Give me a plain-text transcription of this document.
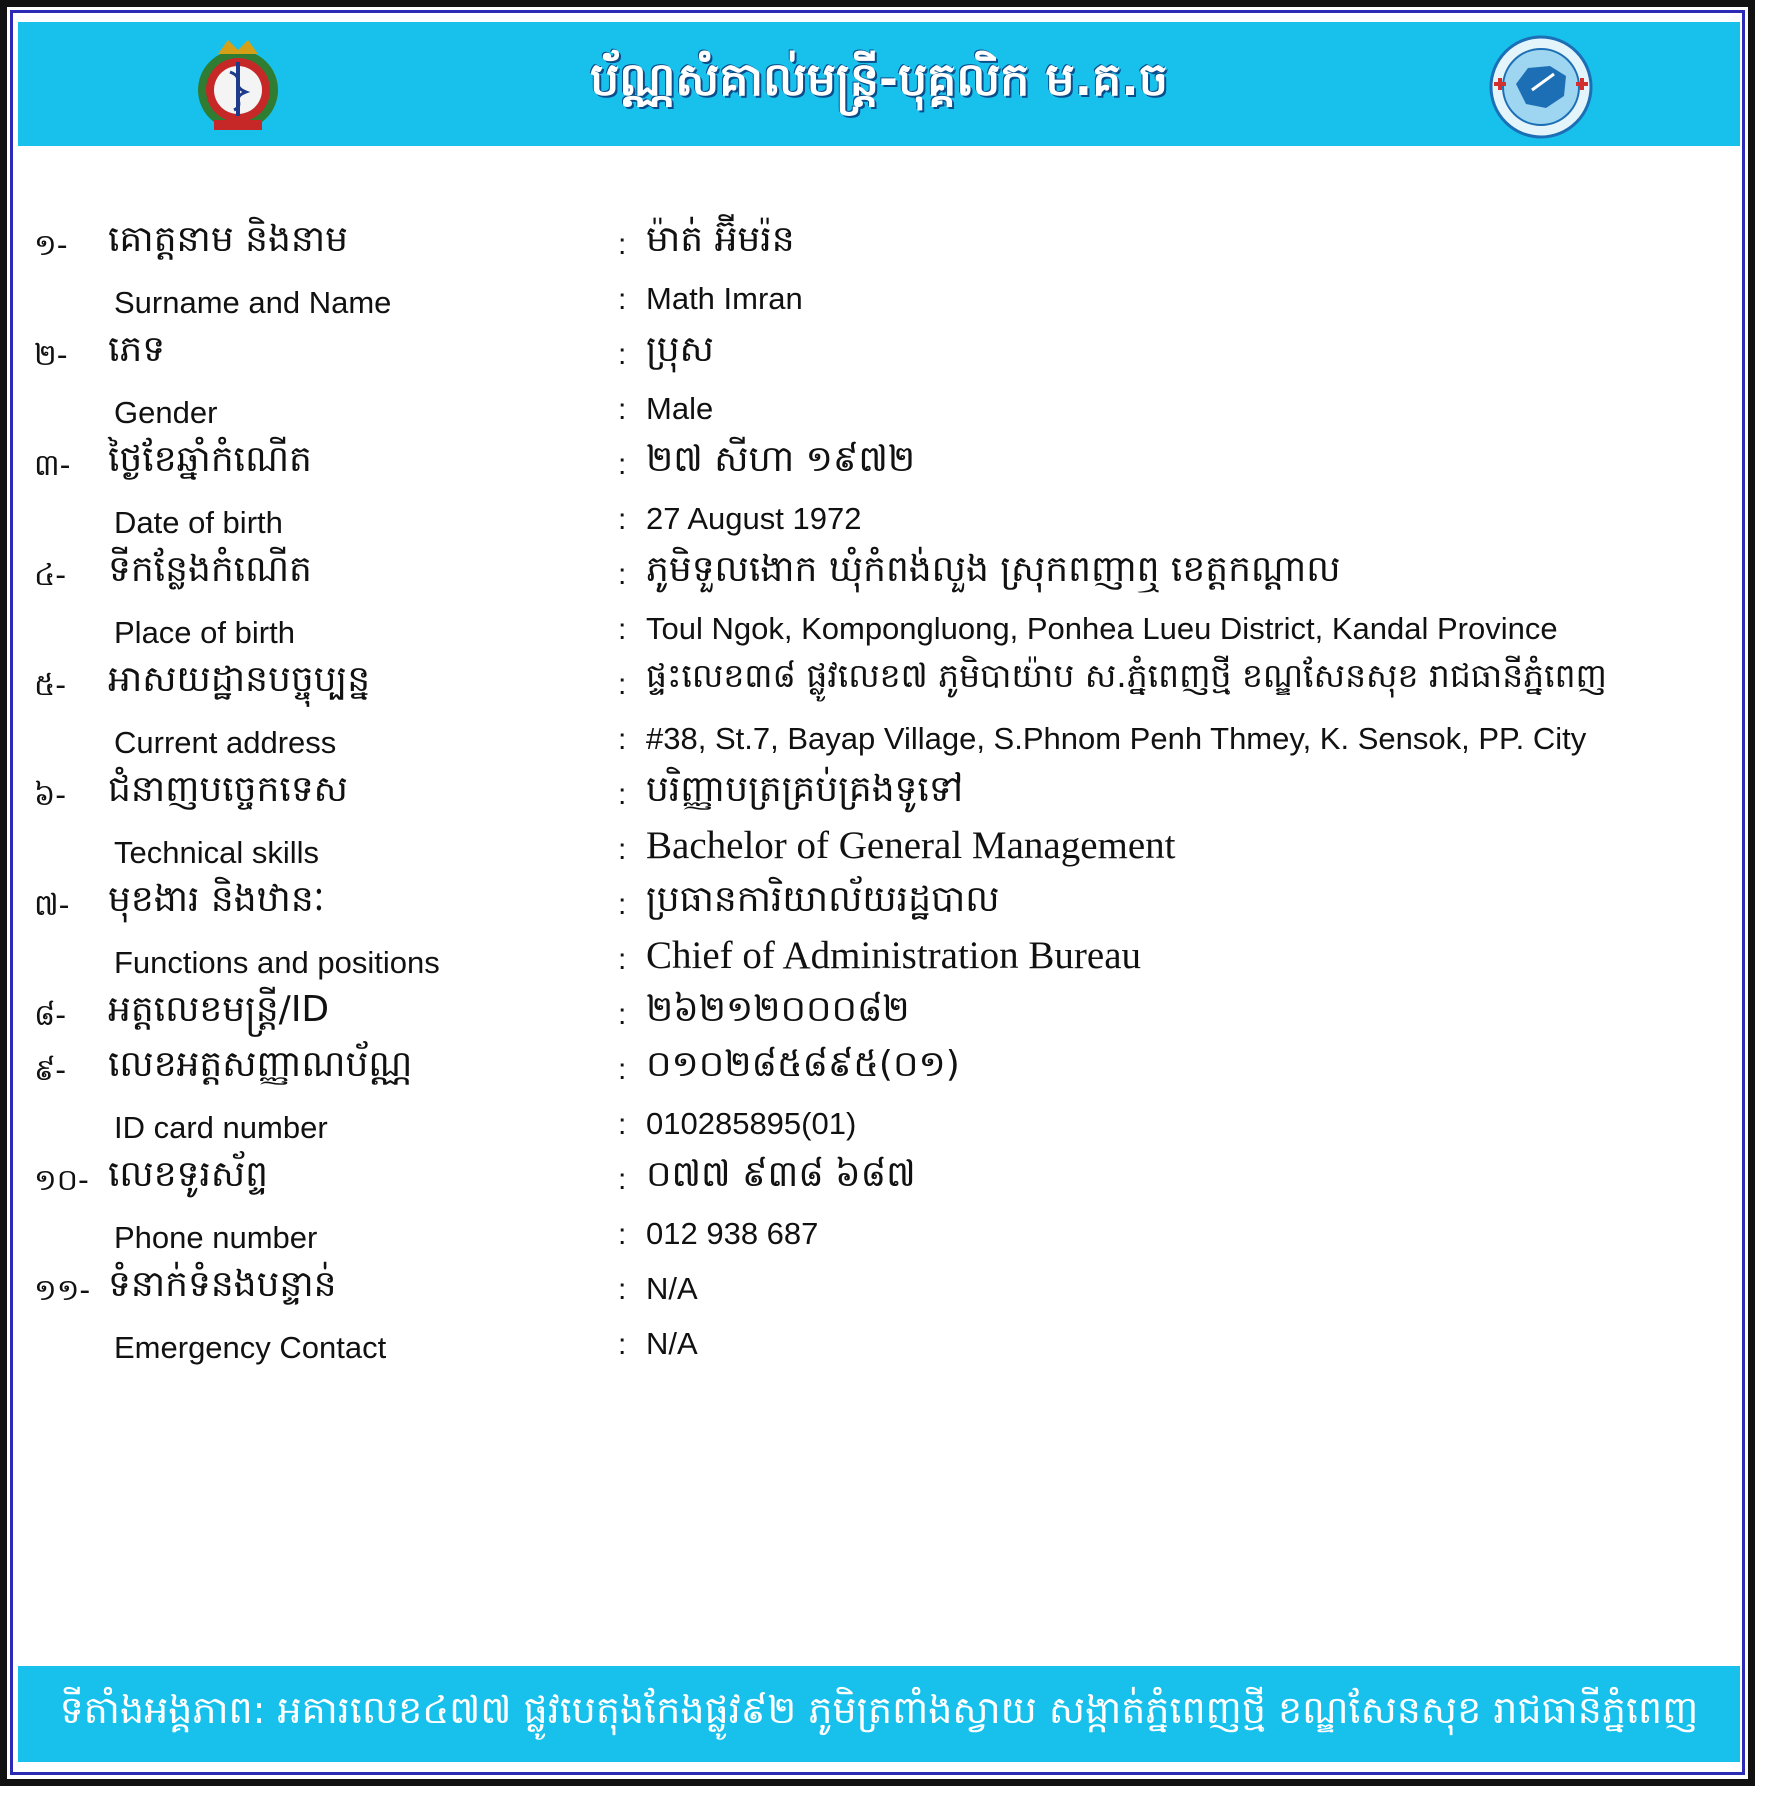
ប័ណ្ណសំគាល់មន្ត្រី-បុគ្គលិក ម.គ.ច
១- គោត្តនាម និងនាម	: ម៉ាត់ អ៊ីមរ៉ន
Surname and Name	: Math Imran
២- ភេទ	: ប្រុស
Gender	: Male
៣- ថ្ងៃខែឆ្នាំកំណើត	: ២៧ សីហា ១៩៧២
Date of birth	: 27 August 1972
៤- ទីកន្លែងកំណើត	: ភូមិទួលងោក ឃុំកំពង់លួង ស្រុកពញាឮ ខេត្តកណ្តាល
Place of birth	: Toul Ngok, Kompongluong, Ponhea Lueu District, Kandal Province
៥- អាសយដ្ឋានបច្ចុប្បន្ន	: ផ្ទះលេខ៣៨ ផ្លូវលេខ៧ ភូមិបាយ៉ាប ស.ភ្នំពេញថ្មី ខណ្ឌសែនសុខ រាជធានីភ្នំពេញ
Current address	: #38, St.7, Bayap Village, S.Phnom Penh Thmey, K. Sensok, PP. City
៦- ជំនាញបច្ចេកទេស	: បរិញ្ញាបត្រគ្រប់គ្រងទូទៅ
Technical skills	: Bachelor of General Management
៧- មុខងារ និងឋានៈ	: ប្រធានការិយាល័យរដ្ឋបាល
Functions and positions	: Chief of Administration Bureau
៨- អត្តលេខមន្ត្រី/ID	: ២៦២១២០០០៨២
៩- លេខអត្តសញ្ញាណប័ណ្ណ	: ០១០២៨៥៨៩៥(០១)
ID card number	: 010285895(01)
១០- លេខទូរស័ព្ទ	: ០៧៧ ៩៣៨ ៦៨៧
Phone number	: 012 938 687
១១- ទំនាក់ទំនងបន្ទាន់	: N/A
Emergency Contact	: N/A
ទីតាំងអង្គភាព: អគារលេខ៤៧៧ ផ្លូវបេតុងកែងផ្លូវ៩២ ភូមិត្រពាំងស្វាយ សង្កាត់ភ្នំពេញថ្មី ខណ្ឌសែនសុខ រាជធានីភ្នំពេញ
